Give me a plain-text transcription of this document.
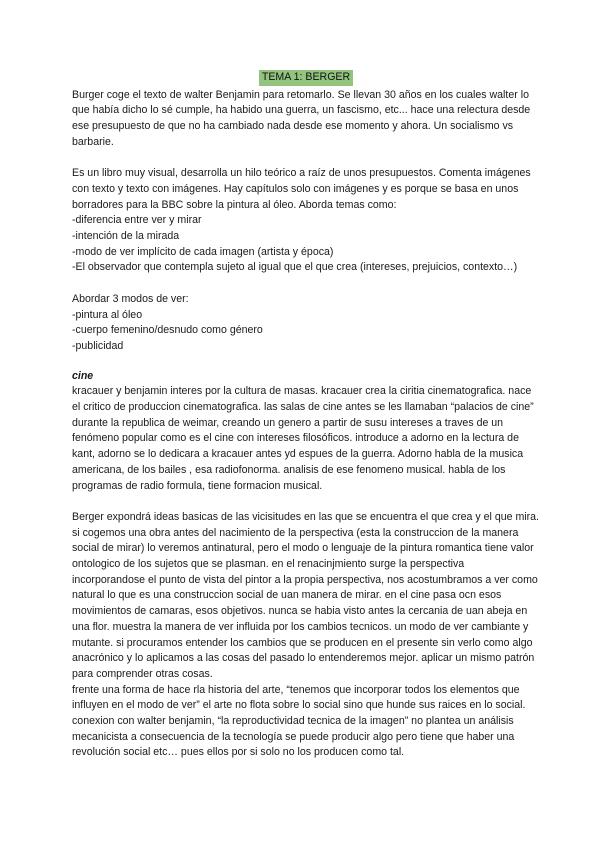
TEMA 1: BERGER

Burger coge el texto de walter Benjamin para retomarlo. Se llevan 30 años en los cuales walter lo que había dicho lo sé cumple, ha habido una guerra, un fascismo, etc... hace una relectura desde ese presupuesto de que no ha cambiado nada desde ese momento y ahora. Un socialismo vs barbarie.

Es un libro muy visual, desarrolla un hilo teórico a raíz de unos presupuestos. Comenta imágenes con texto y texto con imágenes. Hay capítulos solo con imágenes y es porque se basa en unos borradores para la BBC sobre la pintura al óleo. Aborda temas como:

-diferencia entre ver y mirar

-intención de la mirada

-modo de ver implícito de cada imagen (artista y época)

-El observador que contempla sujeto al igual que el que crea (intereses, prejuicios, contexto…)

Abordar 3 modos de ver:

-pintura al óleo

-cuerpo femenino/desnudo como género

-publicidad

cine

kracauer y benjamin interes por la cultura de masas. kracauer crea la ciritia cinematografica. nace el critico de produccion cinematografica. las salas de cine antes se les llamaban “palacios de cine” durante la republica de weimar, creando un genero a partir de susu intereses a traves de un fenómeno popular como es el cine con intereses filosóficos. introduce a adorno en la lectura de kant, adorno se lo dedicara a kracauer antes yd espues de la guerra. Adorno habla de la musica americana, de los bailes , esa radiofonorma. analisis de ese fenomeno musical. habla de los programas de radio formula, tiene formacion musical.

Berger expondrá ideas basicas de las vicisitudes en las que se encuentra el que crea y el que mira. si cogemos una obra antes del nacimiento de la perspectiva (esta la construccion de la manera social de mirar) lo veremos antinatural, pero el modo o lenguaje de la pintura romantica tiene valor ontologico de los sujetos que se plasman. en el renacinjmiento surge la perspectiva incorporandose el punto de vista del pintor a la propia perspectiva, nos acostumbramos a ver como natural lo que es una construccion social de uan manera de mirar. en el cine pasa ocn esos movimientos de camaras, esos objetivos. nunca se habia visto antes la cercania de uan abeja en una flor. muestra la manera de ver influida por los cambios tecnicos. un modo de ver cambiante y mutante. si procuramos entender los cambios que se producen en el presente sin verlo como algo anacrónico y lo aplicamos a las cosas del pasado lo entenderemos mejor. aplicar un mismo patrón para comprender otras cosas.

frente una forma de hace rla historia del arte, “tenemos que incorporar todos los elementos que influyen en el modo de ver” el arte no flota sobre lo social sino que hunde sus raices en lo social. conexion con walter benjamin, “la reproductividad tecnica de la imagen” no plantea un análisis mecanicista a consecuencia de la tecnología se puede producir algo pero tiene que haber una revolución social etc… pues ellos por si solo no los producen como tal.
